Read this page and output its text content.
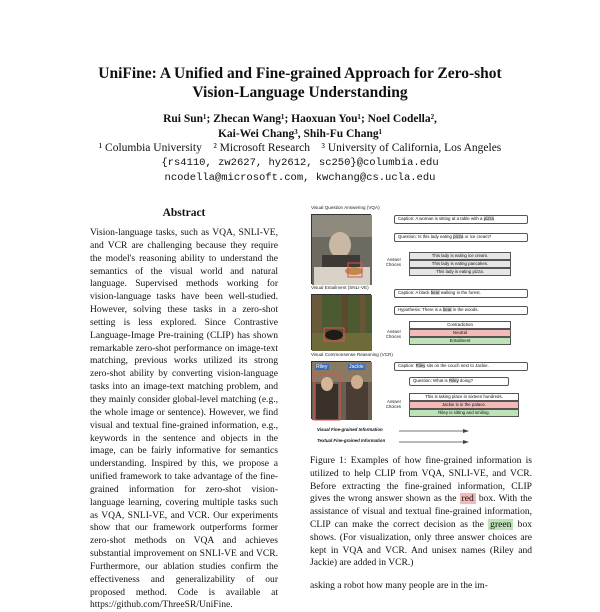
UniFine: A Unified and Fine-grained Approach for Zero-shot
Vision-Language Understanding
Rui Sun¹; Zhecan Wang¹; Haoxuan You¹; Noel Codella²,
Kai-Wei Chang³, Shih-Fu Chang¹
¹ Columbia University    ² Microsoft Research    ³ University of California, Los Angeles
{rs4110, zw2627, hy2612, sc250}@columbia.edu
ncodella@microsoft.com, kwchang@cs.ucla.edu
Abstract
Vision-language tasks, such as VQA, SNLI-VE, and VCR are challenging because they require the model's reasoning ability to understand the semantics of the visual world and natural language. Supervised methods working for vision-language tasks have been well-studied. However, solving these tasks in a zero-shot setting is less explored. Since Contrastive Language-Image Pre-training (CLIP) has shown remarkable zero-shot performance on image-text matching, previous works utilized its strong zero-shot ability by converting vision-language tasks into an image-text matching problem, and they mainly consider global-level matching (e.g., the whole image or sentence). However, we find visual and textual fine-grained information, e.g., keywords in the sentence and objects in the image, can be fairly informative for semantics understanding. Inspired by this, we propose a unified framework to take advantage of the fine-grained information for zero-shot vision-language learning, covering multiple tasks such as VQA, SNLI-VE, and VCR. Our experiments show that our framework outperforms former zero-shot methods on VQA and achieves substantial improvement on SNLI-VE and VCR. Furthermore, our ablation studies confirm the effectiveness and generalizability of our proposed method. Code is available at https://github.com/ThreeSR/UniFine.
Visual Question Answering (VQA)
Caption: A woman is sitting at a table with a pizza
Question: Is this lady eating pizza or ice cream?
Answer Choices
This lady is eating ice cream.
This lady is eating pancakes.
This lady is eating pizza.
Visual Entailment (SNLI-VE)
Caption: A black bear walking in the forest.
Hypothesis: There is a bear in the woods.
Answer Choices
Contradiction
Neutral
Entailment
Visual Commonsense Reasoning (VCR)
Riley	Jackie	Caption: Riley sits on the couch next to Jackie.
Question: What is Riley doing?
Answer Choices
This is taking place in sixteen hundreds.
Jackie is in the palace.
Riley is sitting and smiling.
Visual Fine-grained Information
Textual Fine-grained Information
Figure 1: Examples of how fine-grained information is utilized to help CLIP from VQA, SNLI-VE, and VCR. Before extracting the fine-grained information, CLIP gives the wrong answer shown as the red box. With the assistance of visual and textual fine-grained information, CLIP can make the correct decision as the green box shows. (For visualization, only three answer choices are kept in VQA and VCR. And unisex names (Riley and Jackie) are added in VCR.)
asking a robot how many people are in the im-
